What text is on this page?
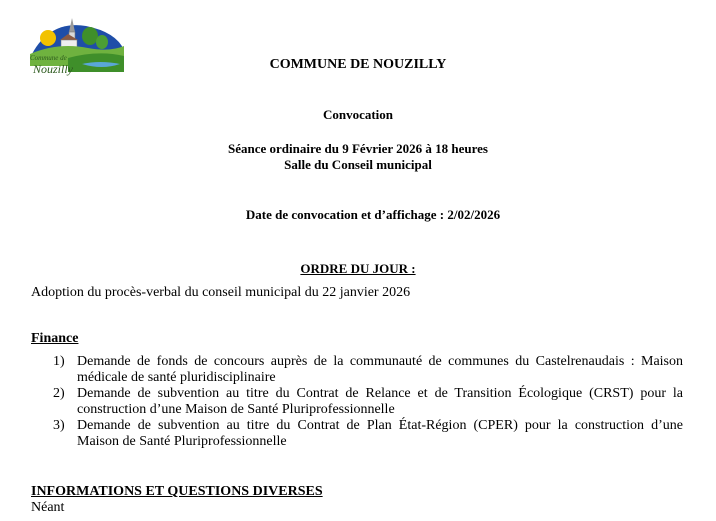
Commune de
Nouzilly	COMMUNE DE NOUZILLY
Convocation
Séance ordinaire du 9 Février 2026 à 18 heures
Salle du Conseil municipal
Date de convocation et d’affichage : 2/02/2026
ORDRE DU JOUR :
Adoption du procès-verbal du conseil municipal du 22 janvier 2026
Finance
1) Demande de fonds de concours auprès de la communauté de communes du Castelrenaudais : Maison
médicale de santé pluridisciplinaire
2) Demande de subvention au titre du Contrat de Relance et de Transition Écologique (CRST) pour la
construction d’une Maison de Santé Pluriprofessionnelle
3) Demande de subvention au titre du Contrat de Plan État-Région (CPER) pour la construction d’une
Maison de Santé Pluriprofessionnelle
INFORMATIONS ET QUESTIONS DIVERSES
Néant
